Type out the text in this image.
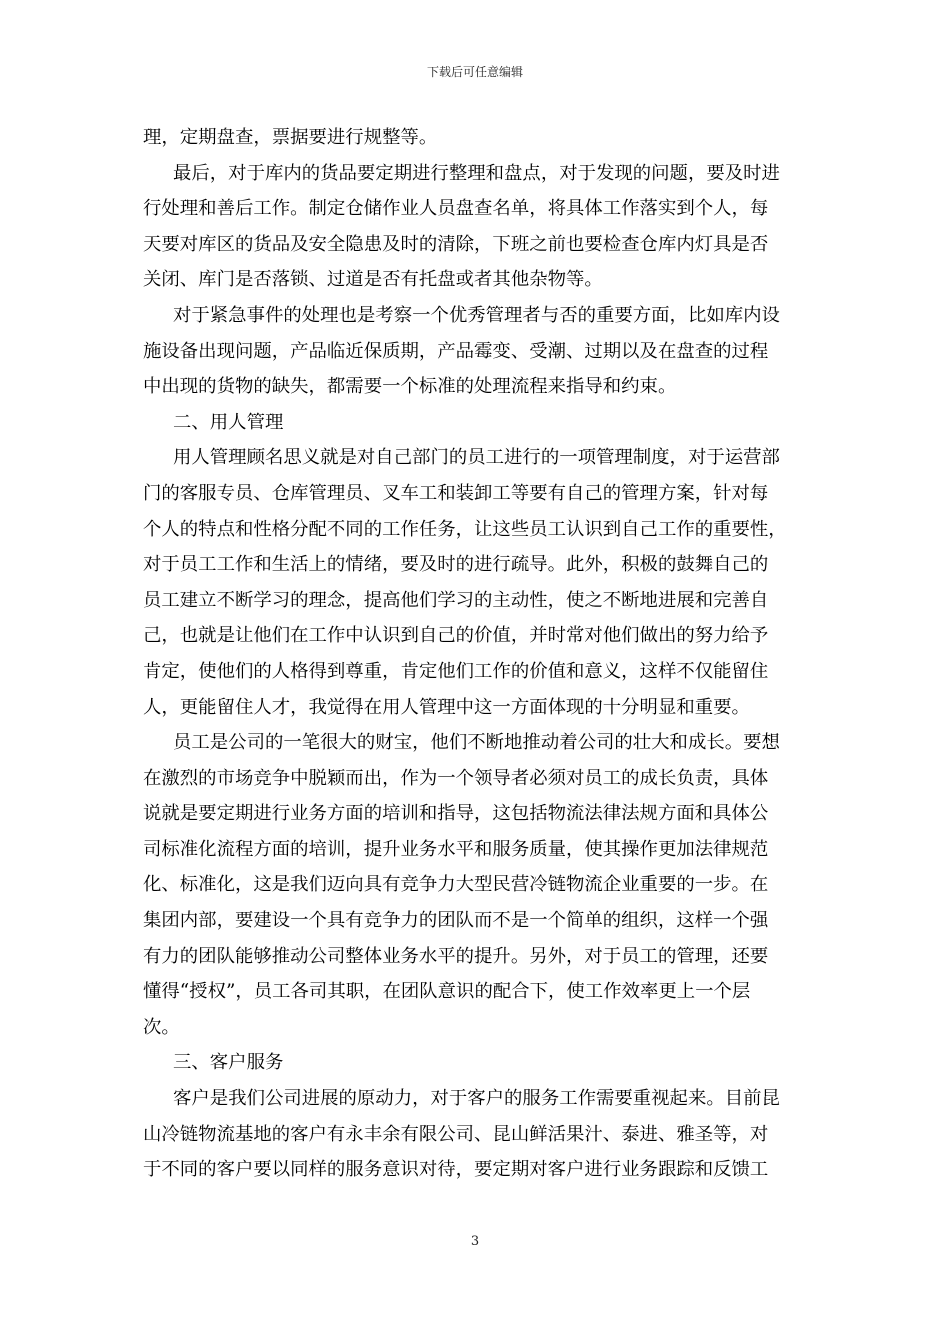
下载后可任意编辑
理，定期盘查，票据要进行规整等。
最后，对于库内的货品要定期进行整理和盘点，对于发现的问题，要及时进
行处理和善后工作。制定仓储作业人员盘查名单，将具体工作落实到个人，每
天要对库区的货品及安全隐患及时的清除，下班之前也要检查仓库内灯具是否
关闭、库门是否落锁、过道是否有托盘或者其他杂物等。
对于紧急事件的处理也是考察一个优秀管理者与否的重要方面，比如库内设
施设备出现问题，产品临近保质期，产品霉变、受潮、过期以及在盘查的过程
中出现的货物的缺失，都需要一个标准的处理流程来指导和约束。
二、用人管理
用人管理顾名思义就是对自己部门的员工进行的一项管理制度，对于运营部
门的客服专员、仓库管理员、叉车工和装卸工等要有自己的管理方案，针对每
个人的特点和性格分配不同的工作任务，让这些员工认识到自己工作的重要性，
对于员工工作和生活上的情绪，要及时的进行疏导。此外，积极的鼓舞自己的
员工建立不断学习的理念，提高他们学习的主动性，使之不断地进展和完善自
己，也就是让他们在工作中认识到自己的价值，并时常对他们做出的努力给予
肯定，使他们的人格得到尊重，肯定他们工作的价值和意义，这样不仅能留住
人，更能留住人才，我觉得在用人管理中这一方面体现的十分明显和重要。
员工是公司的一笔很大的财宝，他们不断地推动着公司的壮大和成长。要想
在激烈的市场竞争中脱颖而出，作为一个领导者必须对员工的成长负责，具体
说就是要定期进行业务方面的培训和指导，这包括物流法律法规方面和具体公
司标准化流程方面的培训，提升业务水平和服务质量，使其操作更加法律规范
化、标准化，这是我们迈向具有竞争力大型民营冷链物流企业重要的一步。在
集团内部，要建设一个具有竞争力的团队而不是一个简单的组织，这样一个强
有力的团队能够推动公司整体业务水平的提升。另外，对于员工的管理，还要
懂得“授权”，员工各司其职，在团队意识的配合下，使工作效率更上一个层
次。
三、客户服务
客户是我们公司进展的原动力，对于客户的服务工作需要重视起来。目前昆
山冷链物流基地的客户有永丰余有限公司、昆山鲜活果汁、泰进、雅圣等，对
于不同的客户要以同样的服务意识对待，要定期对客户进行业务跟踪和反馈工
3
